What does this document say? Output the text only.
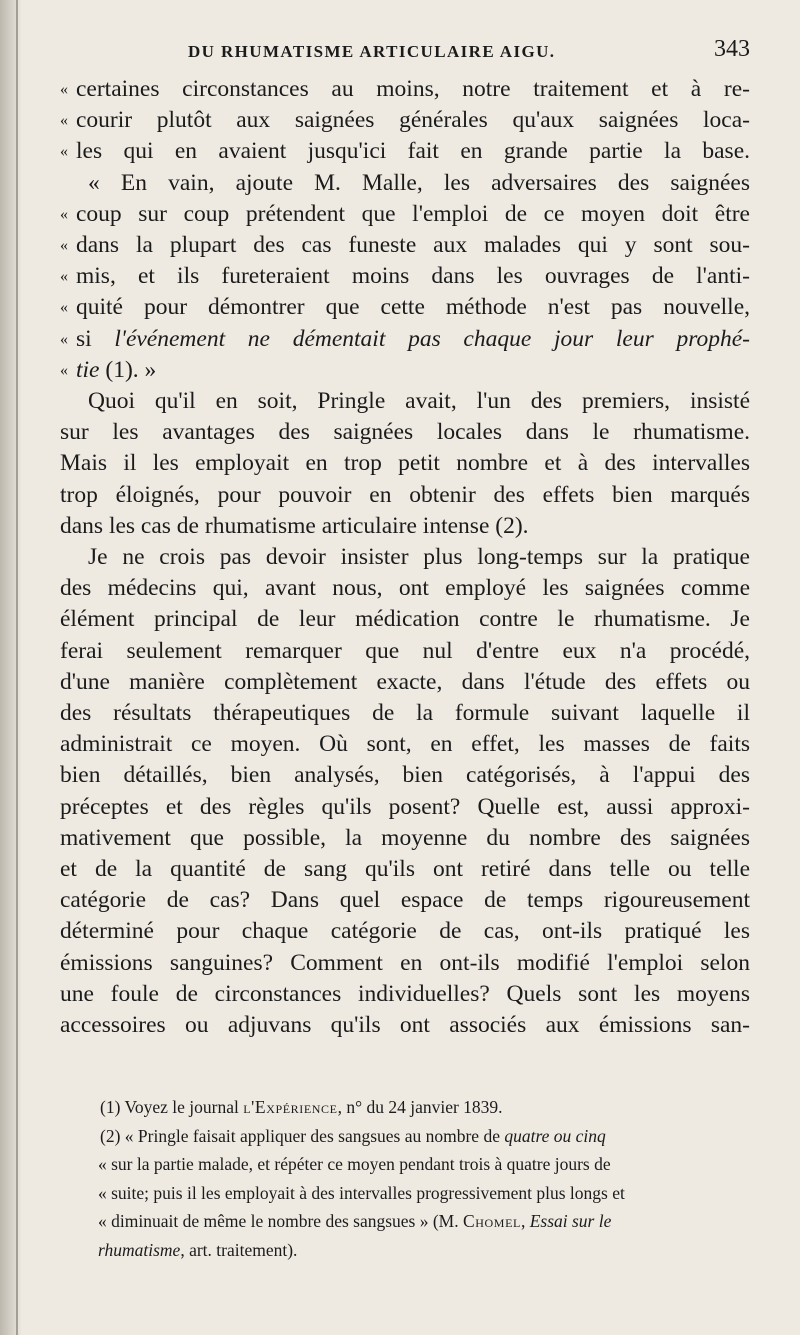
DU RHUMATISME ARTICULAIRE AIGU.	343
« certaines circonstances au moins, notre traitement et à re-
« courir plutôt aux saignées générales qu'aux saignées loca-
« les qui en avaient jusqu'ici fait en grande partie la base.
« En vain, ajoute M. Malle, les adversaires des saignées
« coup sur coup prétendent que l'emploi de ce moyen doit être
« dans la plupart des cas funeste aux malades qui y sont sou-
« mis, et ils fureteraient moins dans les ouvrages de l'anti-
« quité pour démontrer que cette méthode n'est pas nouvelle,
« si l'événement ne démentait pas chaque jour leur prophé-
« tie (1). »
Quoi qu'il en soit, Pringle avait, l'un des premiers, insisté
sur les avantages des saignées locales dans le rhumatisme.
Mais il les employait en trop petit nombre et à des intervalles
trop éloignés, pour pouvoir en obtenir des effets bien marqués
dans les cas de rhumatisme articulaire intense (2).
Je ne crois pas devoir insister plus long-temps sur la pratique
des médecins qui, avant nous, ont employé les saignées comme
élément principal de leur médication contre le rhumatisme. Je
ferai seulement remarquer que nul d'entre eux n'a procédé,
d'une manière complètement exacte, dans l'étude des effets ou
des résultats thérapeutiques de la formule suivant laquelle il
administrait ce moyen. Où sont, en effet, les masses de faits
bien détaillés, bien analysés, bien catégorisés, à l'appui des
préceptes et des règles qu'ils posent? Quelle est, aussi approxi-
mativement que possible, la moyenne du nombre des saignées
et de la quantité de sang qu'ils ont retiré dans telle ou telle
catégorie de cas? Dans quel espace de temps rigoureusement
déterminé pour chaque catégorie de cas, ont-ils pratiqué les
émissions sanguines? Comment en ont-ils modifié l'emploi selon
une foule de circonstances individuelles? Quels sont les moyens
accessoires ou adjuvans qu'ils ont associés aux émissions san-
(1) Voyez le journal l'Expérience, n° du 24 janvier 1839.
(2) « Pringle faisait appliquer des sangsues au nombre de quatre ou cinq
« sur la partie malade, et répéter ce moyen pendant trois à quatre jours de
« suite; puis il les employait à des intervalles progressivement plus longs et
« diminuait de même le nombre des sangsues » (M. Chomel, Essai sur le
rhumatisme, art. traitement).
